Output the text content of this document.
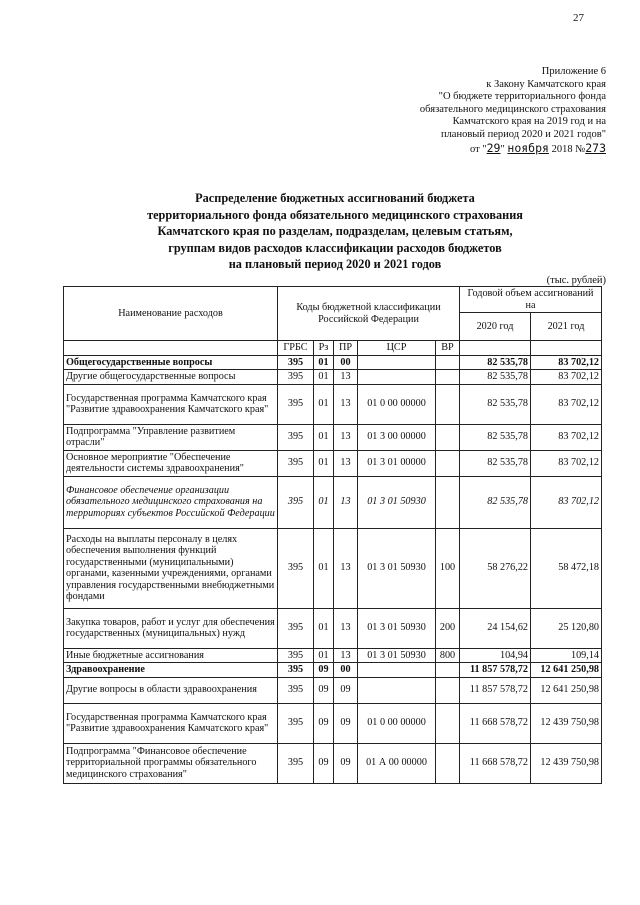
27
Приложение 6
к Закону Камчатского края
"О бюджете территориального фонда
обязательного медицинского страхования
Камчатского края на 2019 год и на
плановый период 2020 и 2021 годов"
от "29" ноября 2018 №273
Распределение бюджетных ассигнований бюджета
территориального фонда обязательного медицинского страхования
Камчатского края по разделам, подразделам, целевым статьям,
группам видов расходов классификации расходов бюджетов
на плановый период 2020 и 2021 годов
(тыс. рублей)
Наименование расходов	Коды бюджетной классификации Российской Федерации					Годовой объем ассигнований на	
						2020 год	2021 год
	ГРБС	Рз	ПР	ЦСР	ВР		
Общегосударственные вопросы	395	01	00			82 535,78	83 702,12
Другие общегосударственные вопросы	395	01	13			82 535,78	83 702,12
Государственная программа Камчатского края "Развитие здравоохранения Камчатского края"	395	01	13	01 0 00 00000		82 535,78	83 702,12
Подпрограмма "Управление развитием отрасли"	395	01	13	01 3 00 00000		82 535,78	83 702,12
Основное мероприятие "Обеспечение деятельности системы здравоохранения"	395	01	13	01 3 01 00000		82 535,78	83 702,12
Финансовое обеспечение организации обязательного медицинского страхования на территориях субъектов Российской Федерации	395	01	13	01 3 01 50930		82 535,78	83 702,12
Расходы на выплаты персоналу в целях обеспечения выполнения функций государственными (муниципальными) органами, казенными учреждениями, органами управления государственными внебюджетными фондами	395	01	13	01 3 01 50930	100	58 276,22	58 472,18
Закупка товаров, работ и услуг для обеспечения государственных (муниципальных) нужд	395	01	13	01 3 01 50930	200	24 154,62	25 120,80
Иные бюджетные ассигнования	395	01	13	01 3 01 50930	800	104,94	109,14
Здравоохранение	395	09	00			11 857 578,72	12 641 250,98
Другие вопросы в области здравоохранения	395	09	09			11 857 578,72	12 641 250,98
Государственная программа Камчатского края "Развитие здравоохранения Камчатского края"	395	09	09	01 0 00 00000		11 668 578,72	12 439 750,98
Подпрограмма "Финансовое обеспечение территориальной программы обязательного медицинского страхования"	395	09	09	01 А 00 00000		11 668 578,72	12 439 750,98
